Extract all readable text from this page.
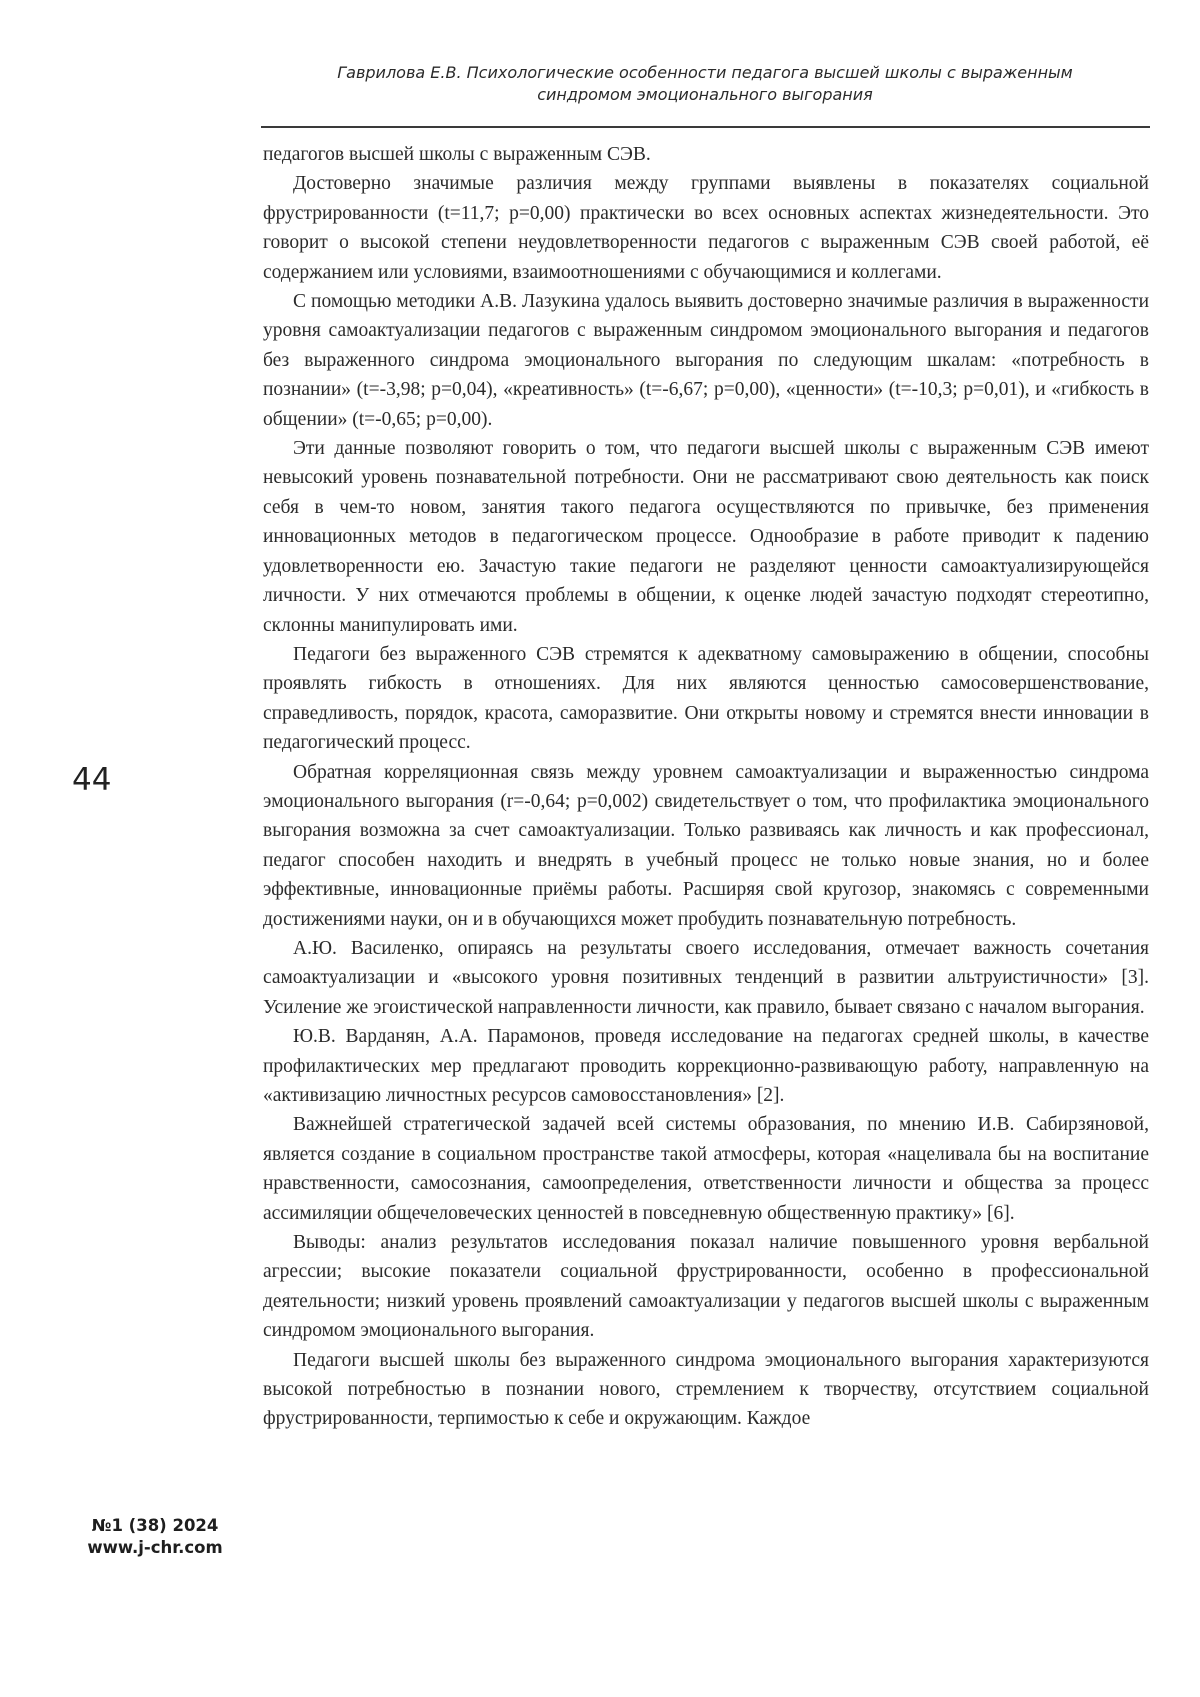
Гаврилова Е.В. Психологические особенности педагога высшей школы с выраженным
синдромом эмоционального выгорания

педагогов высшей школы с выраженным СЭВ.

Достоверно значимые различия между группами выявлены в показателях социальной фрустрированности (t=11,7; p=0,00) практически во всех основных аспектах жизнедеятельности. Это говорит о высокой степени неудовлетворенности педагогов с выраженным СЭВ своей работой, её содержанием или условиями, взаимоотношениями с обучающимися и коллегами.

С помощью методики А.В. Лазукина удалось выявить достоверно значимые различия в выраженности уровня самоактуализации педагогов с выраженным синдромом эмоционального выгорания и педагогов без выраженного синдрома эмоционального выгорания по следующим шкалам: «потребность в познании» (t=-3,98; p=0,04), «креативность» (t=-6,67; p=0,00), «ценности» (t=-10,3; p=0,01), и «гибкость в общении» (t=-0,65; p=0,00).

Эти данные позволяют говорить о том, что педагоги высшей школы с выраженным СЭВ имеют невысокий уровень познавательной потребности. Они не рассматривают свою деятельность как поиск себя в чем-то новом, занятия такого педагога осуществляются по привычке, без применения инновационных методов в педагогическом процессе. Однообразие в работе приводит к падению удовлетворенности ею. Зачастую такие педагоги не разделяют ценности самоактуализирующейся личности. У них отмечаются проблемы в общении, к оценке людей зачастую подходят стереотипно, склонны манипулировать ими.

Педагоги без выраженного СЭВ стремятся к адекватному самовыражению в общении, способны проявлять гибкость в отношениях. Для них являются ценностью самосовершенствование, справедливость, порядок, красота, саморазвитие. Они открыты новому и стремятся внести инновации в педагогический процесс.

Обратная корреляционная связь между уровнем самоактуализации и выраженностью синдрома эмоционального выгорания (r=-0,64; p=0,002) свидетельствует о том, что профилактика эмоционального выгорания возможна за счет самоактуализации. Только развиваясь как личность и как профессионал, педагог способен находить и внедрять в учебный процесс не только новые знания, но и более эффективные, инновационные приёмы работы. Расширяя свой кругозор, знакомясь с современными достижениями науки, он и в обучающихся может пробудить познавательную потребность.

А.Ю. Василенко, опираясь на результаты своего исследования, отмечает важность сочетания самоактуализации и «высокого уровня позитивных тенденций в развитии альтруистичности» [3]. Усиление же эгоистической направленности личности, как правило, бывает связано с началом выгорания.

Ю.В. Варданян, А.А. Парамонов, проведя исследование на педагогах средней школы, в качестве профилактических мер предлагают проводить коррекционно-развивающую работу, направленную на «активизацию личностных ресурсов самовосстановления» [2].

Важнейшей стратегической задачей всей системы образования, по мнению И.В. Сабирзяновой, является создание в социальном пространстве такой атмосферы, которая «нацеливала бы на воспитание нравственности, самосознания, самоопределения, ответственности личности и общества за процесс ассимиляции общечеловеческих ценностей в повседневную общественную практику» [6].

Выводы: анализ результатов исследования показал наличие повышенного уровня вербальной агрессии; высокие показатели социальной фрустрированности, особенно в профессиональной деятельности; низкий уровень проявлений самоактуализации у педагогов высшей школы с выраженным синдромом эмоционального выгорания.

Педагоги высшей школы без выраженного синдрома эмоционального выгорания характеризуются высокой потребностью в познании нового, стремлением к творчеству, отсутствием социальной фрустрированности, терпимостью к себе и окружающим. Каждое

44
№1 (38) 2024
www.j-chr.com
